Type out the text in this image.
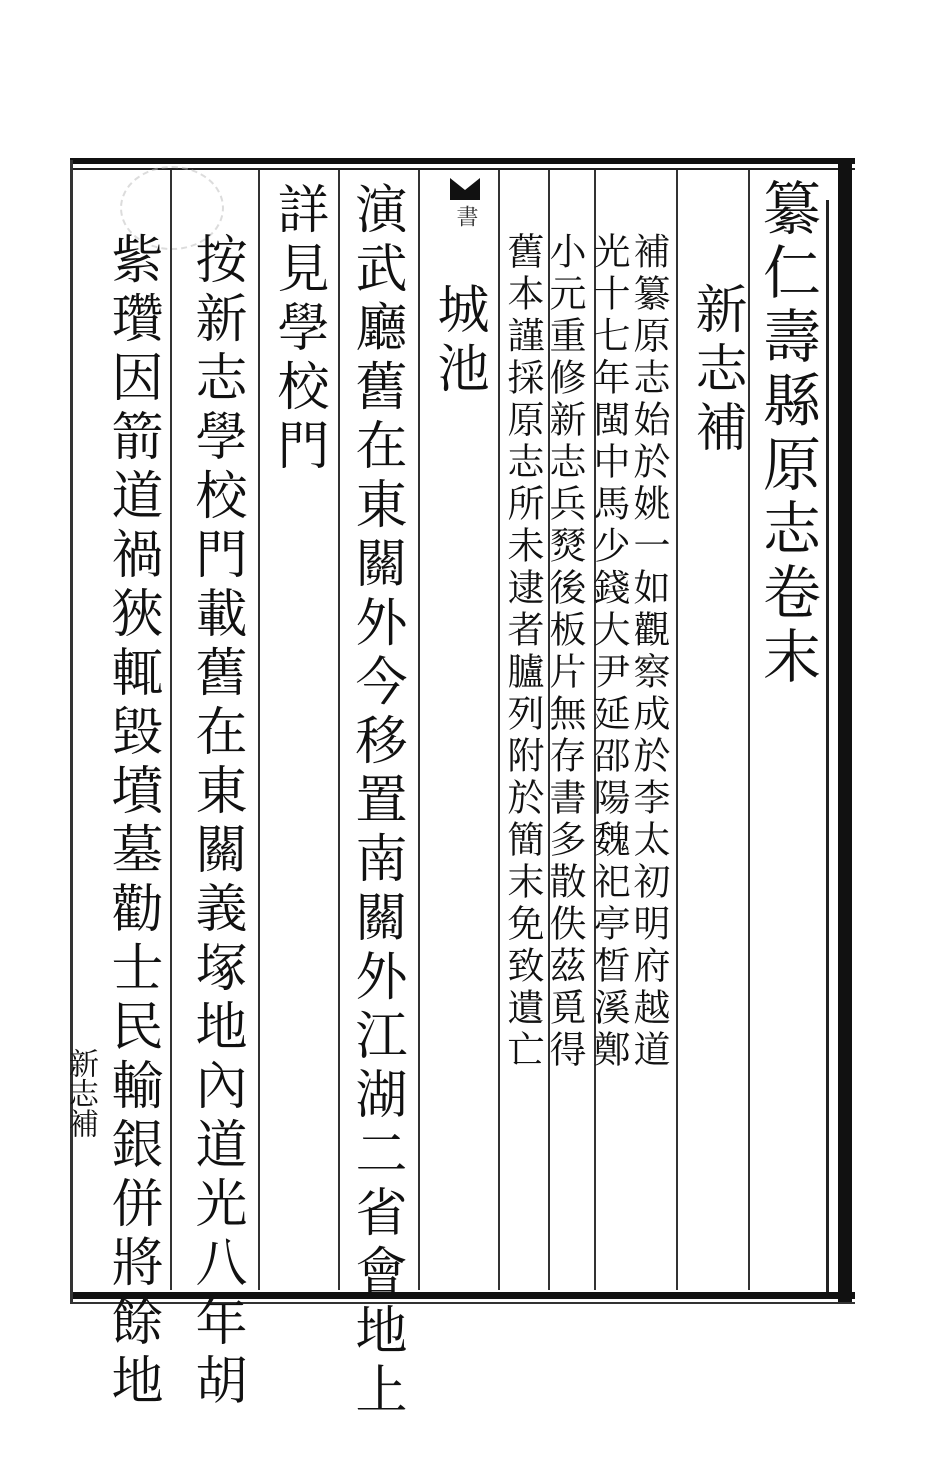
纂仁壽縣原志卷末
新志補
補纂原志始於姚一如觀察成於李太初明府越道
光十七年閩中馬少錢大尹延邵陽魏祀亭晳溪鄭
小元重修新志兵燹後板片無存書多散佚茲覓得
舊本謹採原志所未逮者臚列附於簡末免致遺亡
城池
演武廳舊在東關外今移置南關外江湖二省會地上
詳見學校門
按新志學校門載舊在東關義塚地內道光八年胡
紫瓚因箭道禍狹輒毀墳墓勸士民輸銀併將餘地
新志補
書
